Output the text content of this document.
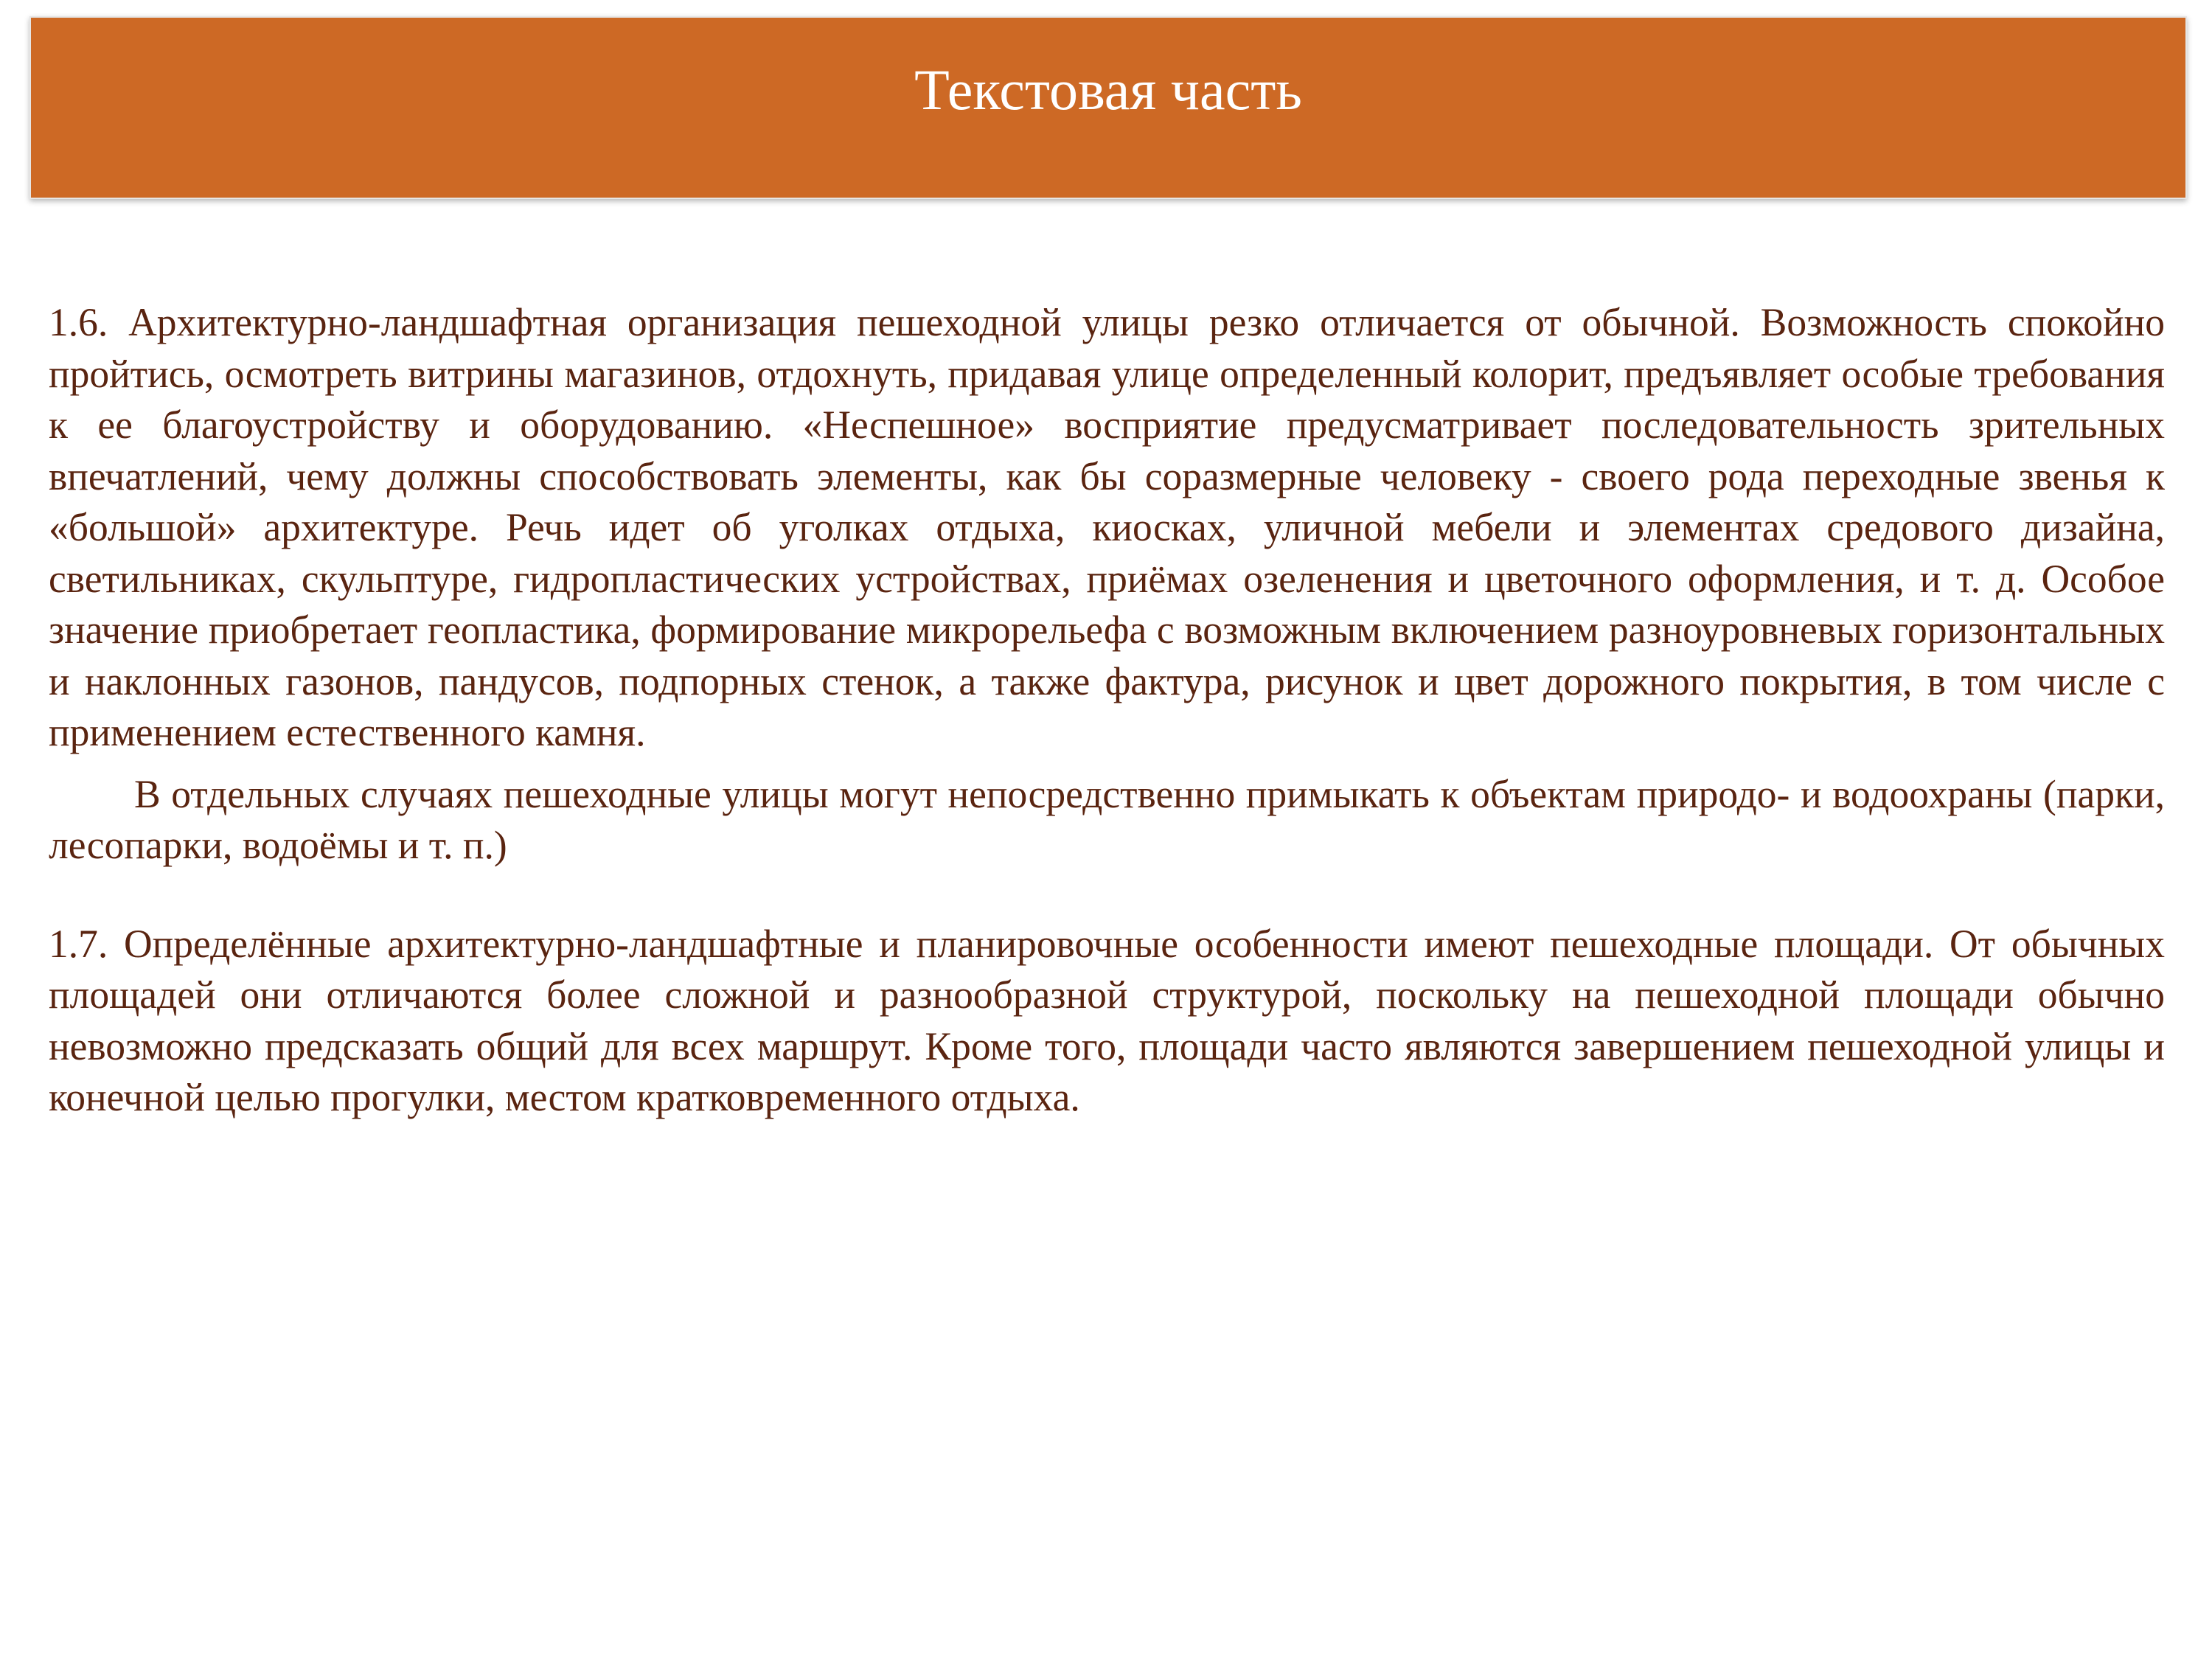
Текстовая часть

1.6. Архитектурно-ландшафтная организация пешеходной улицы резко отличается от обычной. Возможность спокойно пройтись, осмотреть витрины магазинов, отдохнуть, придавая улице определенный колорит, предъявляет особые требования к ее благоустройству и оборудованию. «Неспешное» восприятие предусматривает последовательность зрительных впечатлений, чему должны способствовать элементы, как бы соразмерные человеку - своего рода переходные звенья к «большой» архитектуре. Речь идет об уголках отдыха, киосках, уличной мебели и элементах средового дизайна, светильниках, скульптуре, гидропластических устройствах, приёмах озеленения и цветочного оформления, и т. д. Особое значение приобретает геопластика, формирование микрорельефа с возможным включением разноуровневых горизонтальных и наклонных газонов, пандусов, подпорных стенок, а также фактура, рисунок и цвет дорожного покрытия, в том числе с применением естественного камня.

В отдельных случаях пешеходные улицы могут непосредственно примыкать к объектам природо- и водоохраны (парки, лесопарки, водоёмы и т. п.)

1.7. Определённые архитектурно-ландшафтные и планировочные особенности имеют пешеходные площади. От обычных площадей они отличаются более сложной и разнообразной структурой, поскольку на пешеходной площади обычно невозможно предсказать общий для всех маршрут. Кроме того, площади часто являются завершением пешеходной улицы и конечной целью прогулки, местом кратковременного отдыха.
